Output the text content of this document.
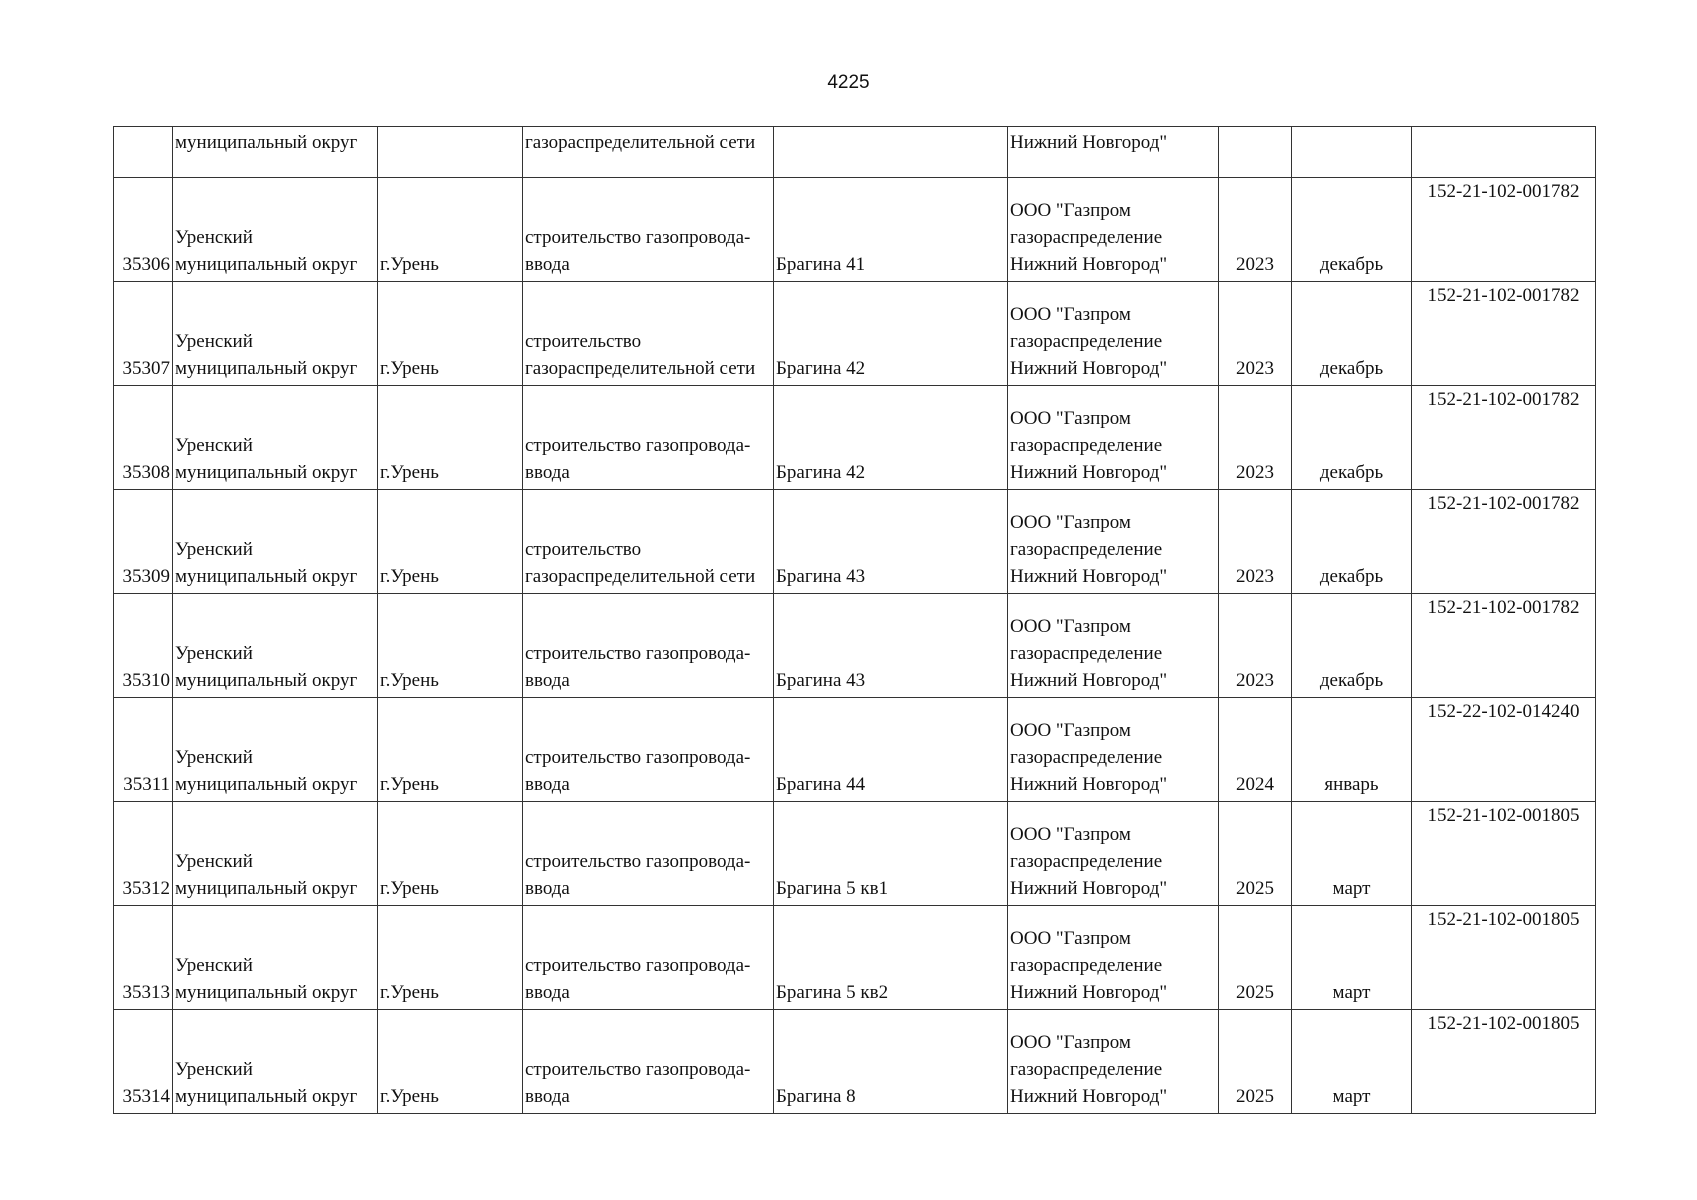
4225
	муниципальный округ		газораспределительной сети		Нижний Новгород"			
35306	Уренский
муниципальный округ	г.Урень	строительство газопровода-
ввода	Брагина 41	ООО "Газпром
газораспределение
Нижний Новгород"	2023	декабрь	152-21-102-001782
35307	Уренский
муниципальный округ	г.Урень	строительство
газораспределительной сети	Брагина 42	ООО "Газпром
газораспределение
Нижний Новгород"	2023	декабрь	152-21-102-001782
35308	Уренский
муниципальный округ	г.Урень	строительство газопровода-
ввода	Брагина 42	ООО "Газпром
газораспределение
Нижний Новгород"	2023	декабрь	152-21-102-001782
35309	Уренский
муниципальный округ	г.Урень	строительство
газораспределительной сети	Брагина 43	ООО "Газпром
газораспределение
Нижний Новгород"	2023	декабрь	152-21-102-001782
35310	Уренский
муниципальный округ	г.Урень	строительство газопровода-
ввода	Брагина 43	ООО "Газпром
газораспределение
Нижний Новгород"	2023	декабрь	152-21-102-001782
35311	Уренский
муниципальный округ	г.Урень	строительство газопровода-
ввода	Брагина 44	ООО "Газпром
газораспределение
Нижний Новгород"	2024	январь	152-22-102-014240
35312	Уренский
муниципальный округ	г.Урень	строительство газопровода-
ввода	Брагина 5 кв1	ООО "Газпром
газораспределение
Нижний Новгород"	2025	март	152-21-102-001805
35313	Уренский
муниципальный округ	г.Урень	строительство газопровода-
ввода	Брагина 5 кв2	ООО "Газпром
газораспределение
Нижний Новгород"	2025	март	152-21-102-001805
35314	Уренский
муниципальный округ	г.Урень	строительство газопровода-
ввода	Брагина 8	ООО "Газпром
газораспределение
Нижний Новгород"	2025	март	152-21-102-001805
